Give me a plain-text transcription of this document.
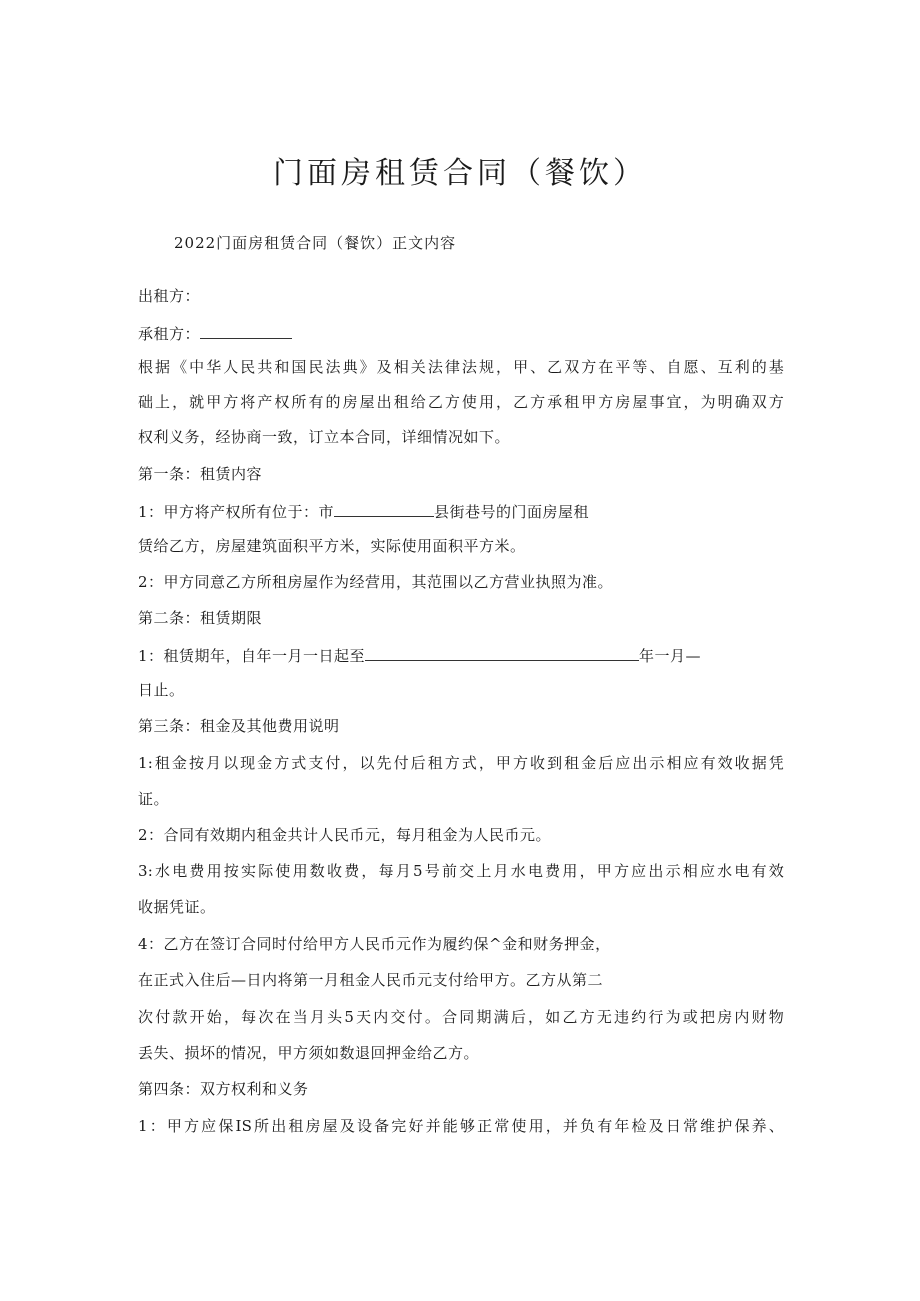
门面房租赁合同（餐饮）
2022门面房租赁合同（餐饮）正文内容
出租方：
承租方：
根据《中华人民共和国民法典》及相关法律法规，甲、乙双方在平等、自愿、互利的基
础上，就甲方将产权所有的房屋出租给乙方使用，乙方承租甲方房屋事宜，为明确双方
权利义务，经协商一致，订立本合同，详细情况如下。
第一条：租赁内容
1：甲方将产权所有位于：市	县街巷号的门面房屋租
赁给乙方，房屋建筑面积平方米，实际使用面积平方米。
2：甲方同意乙方所租房屋作为经营用，其范围以乙方营业执照为准。
第二条：租赁期限
1：租赁期年，自年一月一日起至	年一月—
日止。
第三条：租金及其他费用说明
1:租金按月以现金方式支付，以先付后租方式，甲方收到租金后应出示相应有效收据凭
证。
2：合同有效期内租金共计人民币元，每月租金为人民币元。
3:水电费用按实际使用数收费，每月5号前交上月水电费用，甲方应出示相应水电有效
收据凭证。
4：乙方在签订合同时付给甲方人民币元作为履约保^金和财务押金，
在正式入住后—日内将第一月租金人民币元支付给甲方。乙方从第二
次付款开始，每次在当月头5天内交付。合同期满后，如乙方无违约行为或把房内财物
丢失、损坏的情况，甲方须如数退回押金给乙方。
第四条：双方权利和义务
1：甲方应保IS所出租房屋及设备完好并能够正常使用，并负有年检及日常维护保养、
